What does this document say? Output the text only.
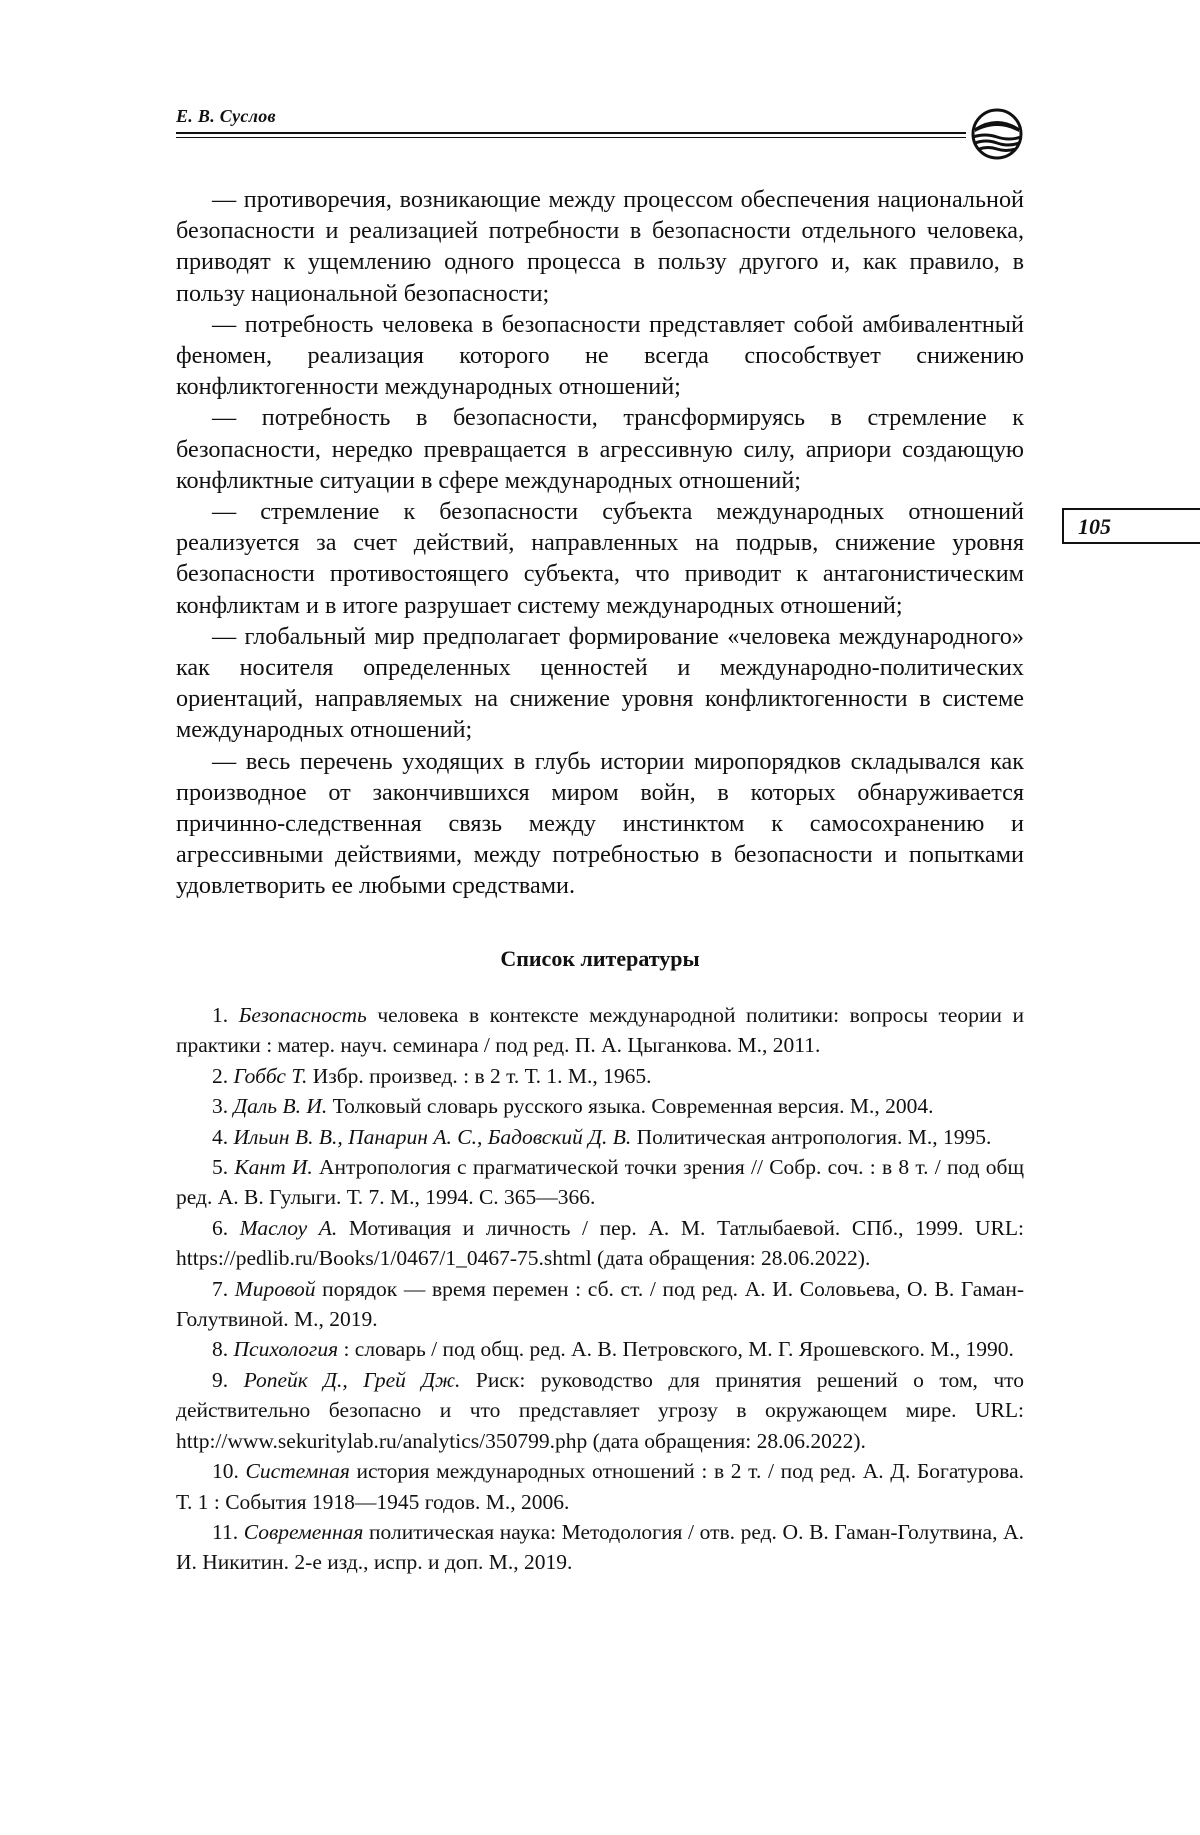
Е. В. Суслов
105

— противоречия, возникающие между процессом обеспечения национальной безопасности и реализацией потребности в безопасности отдельного человека, приводят к ущемлению одного процесса в пользу другого и, как правило, в пользу национальной безопасности;

— потребность человека в безопасности представляет собой амбивалентный феномен, реализация которого не всегда способствует снижению конфликтогенности международных отношений;

— потребность в безопасности, трансформируясь в стремление к безопасности, нередко превращается в агрессивную силу, априори создающую конфликтные ситуации в сфере международных отношений;

— стремление к безопасности субъекта международных отношений реализуется за счет действий, направленных на подрыв, снижение уровня безопасности противостоящего субъекта, что приводит к антагонистическим конфликтам и в итоге разрушает систему международных отношений;

— глобальный мир предполагает формирование «человека международного» как носителя определенных ценностей и международно-политических ориентаций, направляемых на снижение уровня конфликтогенности в системе международных отношений;

— весь перечень уходящих в глубь истории миропорядков складывался как производное от закончившихся миром войн, в которых обнаруживается причинно-следственная связь между инстинктом к самосохранению и агрессивными действиями, между потребностью в безопасности и попытками удовлетворить ее любыми средствами.

Список литературы

1. Безопасность человека в контексте международной политики: вопросы теории и практики : матер. науч. семинара / под ред. П. А. Цыганкова. М., 2011.

2. Гоббс Т. Избр. произвед. : в 2 т. Т. 1. М., 1965.

3. Даль В. И. Толковый словарь русского языка. Современная версия. М., 2004.

4. Ильин В. В., Панарин А. С., Бадовский Д. В. Политическая антропология. М., 1995.

5. Кант И. Антропология с прагматической точки зрения // Собр. соч. : в 8 т. / под общ ред. А. В. Гулыги. Т. 7. М., 1994. С. 365—366.

6. Маслоу А. Мотивация и личность / пер. А. М. Татлыбаевой. СПб., 1999. URL: https://pedlib.ru/Books/1/0467/1_0467-75.shtml (дата обращения: 28.06.2022).

7. Мировой порядок — время перемен : сб. ст. / под ред. А. И. Соловьева, О. В. Гаман-Голутвиной. М., 2019.

8. Психология : словарь / под общ. ред. А. В. Петровского, М. Г. Ярошевского. М., 1990.

9. Ропейк Д., Грей Дж. Риск: руководство для принятия решений о том, что действительно безопасно и что представляет угрозу в окружающем мире. URL: http://www.sekuritylab.ru/analytics/350799.php (дата обращения: 28.06.2022).

10. Системная история международных отношений : в 2 т. / под ред. А. Д. Богатурова. Т. 1 : События 1918—1945 годов. М., 2006.

11. Современная политическая наука: Методология / отв. ред. О. В. Гаман-Голутвина, А. И. Никитин. 2-е изд., испр. и доп. М., 2019.
